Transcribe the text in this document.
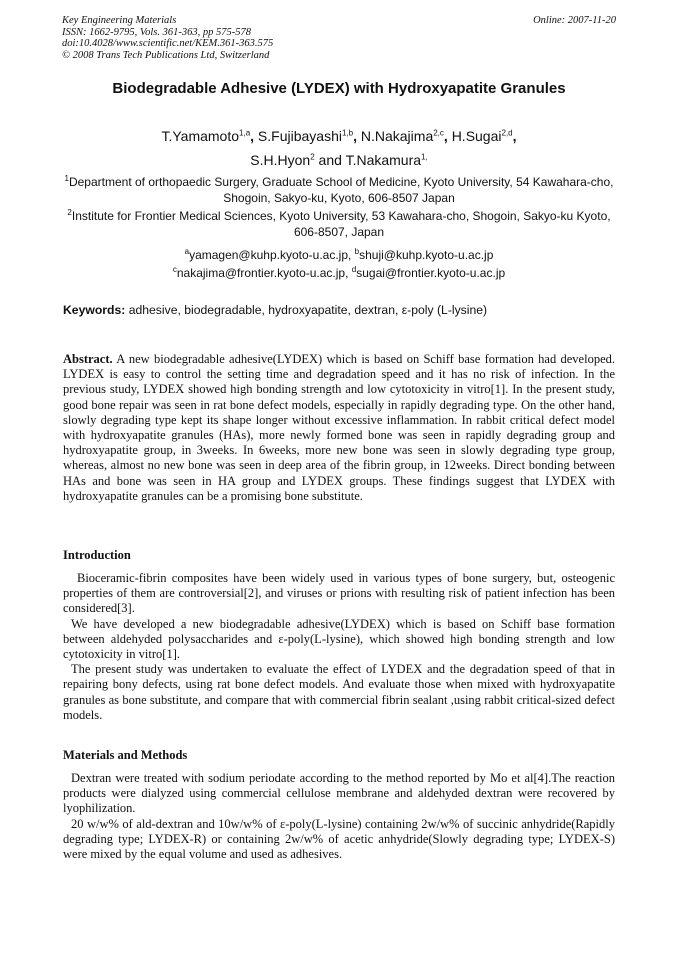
Key Engineering Materials	Online: 2007-11-20
ISSN: 1662-9795, Vols. 361-363, pp 575-578
doi:10.4028/www.scientific.net/KEM.361-363.575
© 2008 Trans Tech Publications Ltd, Switzerland
Biodegradable Adhesive (LYDEX) with Hydroxyapatite Granules
T.Yamamoto$^{1,a}$, S.Fujibayashi$^{1,b}$, N.Nakajima$^{2,c}$, H.Sugai$^{2,d}$,
S.H.Hyon$^2$ and T.Nakamura$^{1,}$
$^1$Department of orthopaedic Surgery, Graduate School of Medicine, Kyoto University, 54 Kawahara-cho, Shogoin, Sakyo-ku, Kyoto, 606-8507 Japan
$^2$Institute for Frontier Medical Sciences, Kyoto University, 53 Kawahara-cho, Shogoin, Sakyo-ku Kyoto, 606-8507, Japan
$^a$yamagen@kuhp.kyoto-u.ac.jp, $^b$shuji@kuhp.kyoto-u.ac.jp
$^c$nakajima@frontier.kyoto-u.ac.jp, $^d$sugai@frontier.kyoto-u.ac.jp
Keywords: adhesive, biodegradable, hydroxyapatite, dextran, ε-poly (L-lysine)

Abstract. A new biodegradable adhesive(LYDEX) which is based on Schiff base formation had developed. LYDEX is easy to control the setting time and degradation speed and it has no risk of infection. In the previous study, LYDEX showed high bonding strength and low cytotoxicity in vitro[1]. In the present study, good bone repair was seen in rat bone defect models, especially in rapidly degrading type. On the other hand, slowly degrading type kept its shape longer without excessive inflammation. In rabbit critical defect model with hydroxyapatite granules (HAs), more newly formed bone was seen in rapidly degrading group and hydroxyapatite group, in 3weeks. In 6weeks, more new bone was seen in slowly degrading type group, whereas, almost no new bone was seen in deep area of the fibrin group, in 12weeks. Direct bonding between HAs and bone was seen in HA group and LYDEX groups. These findings suggest that LYDEX with hydroxyapatite granules can be a promising bone substitute.

Introduction

Bioceramic-fibrin composites have been widely used in various types of bone surgery, but, osteogenic properties of them are controversial[2], and viruses or prions with resulting risk of patient infection has been considered[3].

We have developed a new biodegradable adhesive(LYDEX) which is based on Schiff base formation between aldehyded polysaccharides and ε-poly(L-lysine), which showed high bonding strength and low cytotoxicity in vitro[1].

The present study was undertaken to evaluate the effect of LYDEX and the degradation speed of that in repairing bony defects, using rat bone defect models. And evaluate those when mixed with hydroxyapatite granules as bone substitute, and compare that with commercial fibrin sealant ,using rabbit critical-sized defect models.

Materials and Methods

Dextran were treated with sodium periodate according to the method reported by Mo et al[4].The reaction products were dialyzed using commercial cellulose membrane and aldehyded dextran were recovered by lyophilization.

20 w/w% of ald-dextran and 10w/w% of ε-poly(L-lysine) containing 2w/w% of succinic anhydride(Rapidly degrading type; LYDEX-R) or containing 2w/w% of acetic anhydride(Slowly degrading type; LYDEX-S) were mixed by the equal volume and used as adhesives.
